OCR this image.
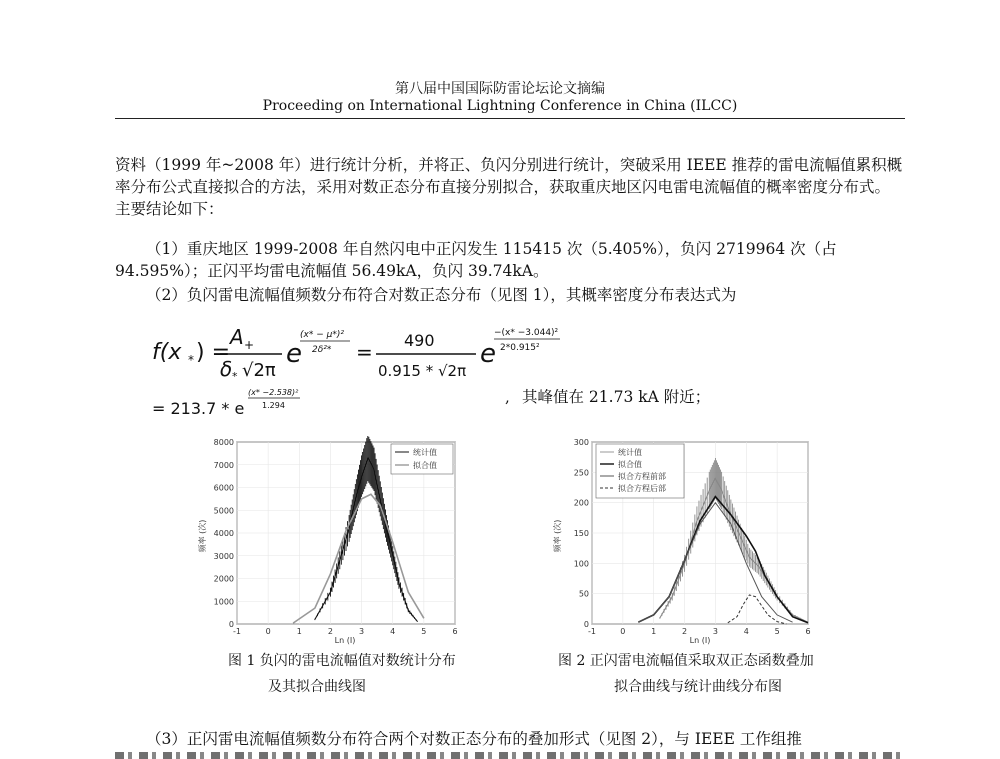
第八届中国国际防雷论坛论文摘编
Proceeding on International Lightning Conference in China (ILCC)
资料（1999 年~2008 年）进行统计分析，并将正、负闪分别进行统计，突破采用 IEEE 推荐的雷电流幅值累积概率分布公式直接拟合的方法，采用对数正态分布直接分别拟合，获取重庆地区闪电雷电流幅值的概率密度分布式。主要结论如下：
（1）重庆地区 1999-2008 年自然闪电中正闪发生 115415 次（5.405%），负闪 2719964 次（占 94.595%）；正闪平均雷电流幅值 56.49kA，负闪 39.74kA。
（2）负闪雷电流幅值频数分布符合对数正态分布（见图 1），其概率密度分布表达式为
f(x * ) =
A +
δ * √2π
e
(x* − μ*)²
2δ²* = 490
0.915 * √2π
e
−(x* −3.044)²
2*0.915²
= 213.7 * e
(x* −2.538)²
1.294	, 其峰值在 21.73 kA 附近；
-1	0	1	2	3	4	5	6
0
1000
2000
3000
4000
5000
6000
7000
8000
统计值
拟合值
频率 (次)
Ln (I)
-1	0	1	2	3	4	5	6
0
50
100
150
200
250
300
统计值
拟合值
拟合方程前部
拟合方程后部
频率 (次)
Ln (I)
图 1 负闪的雷电流幅值对数统计分布
及其拟合曲线图
图 2 正闪雷电流幅值采取双正态函数叠加
拟合曲线与统计曲线分布图
（3）正闪雷电流幅值频数分布符合两个对数正态分布的叠加形式（见图 2），与 IEEE 工作组推
